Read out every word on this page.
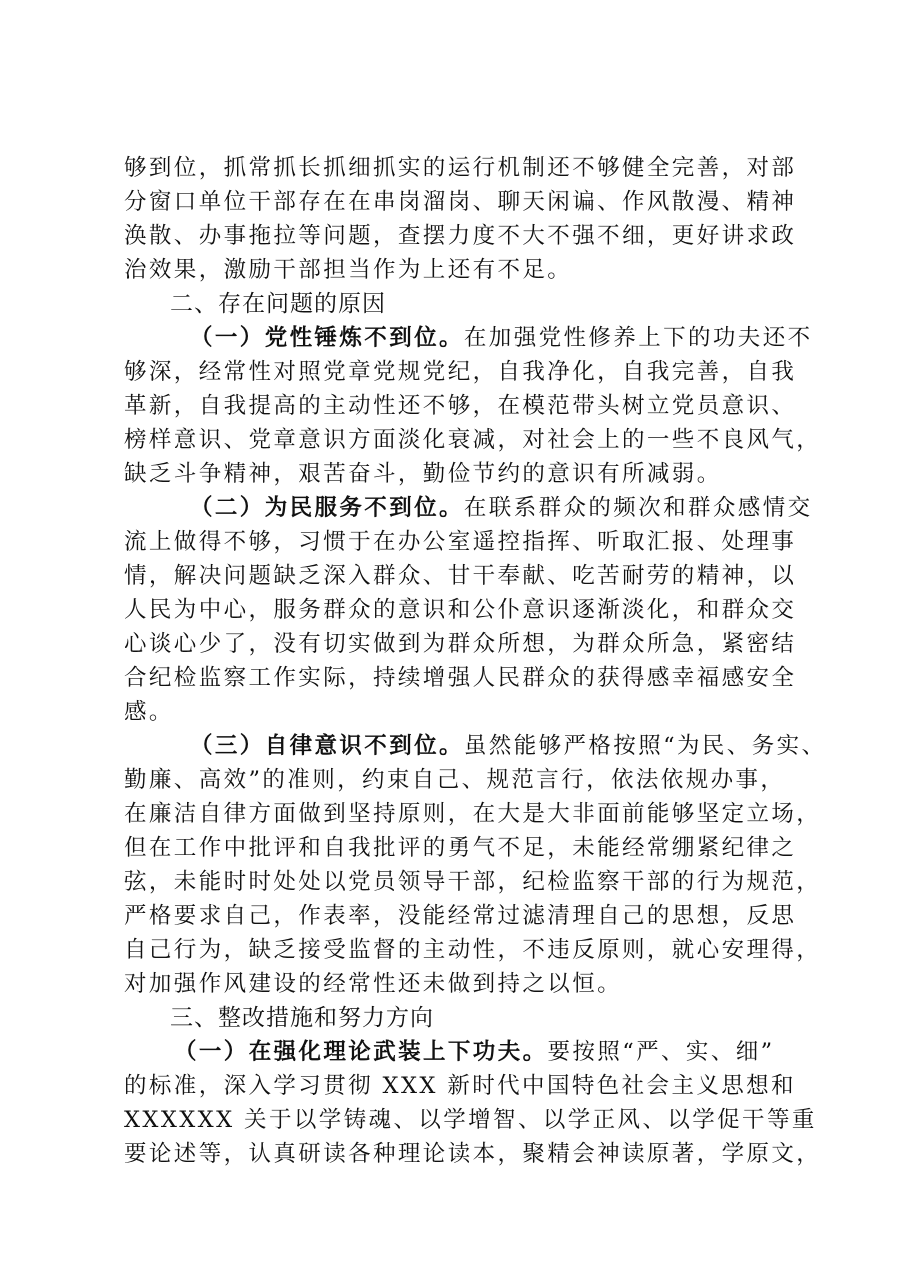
够到位，抓常抓长抓细抓实的运行机制还不够健全完善，对部
分窗口单位干部存在在串岗溜岗、聊天闲谝、作风散漫、精神
涣散、办事拖拉等问题，查摆力度不大不强不细，更好讲求政
治效果，激励干部担当作为上还有不足。
二、存在问题的原因
（一）党性锤炼不到位。在加强党性修养上下的功夫还不
够深，经常性对照党章党规党纪，自我净化，自我完善，自我
革新，自我提高的主动性还不够，在模范带头树立党员意识、
榜样意识、党章意识方面淡化衰减，对社会上的一些不良风气，
缺乏斗争精神，艰苦奋斗，勤俭节约的意识有所减弱。
（二）为民服务不到位。在联系群众的频次和群众感情交
流上做得不够，习惯于在办公室遥控指挥、听取汇报、处理事
情，解决问题缺乏深入群众、甘干奉献、吃苦耐劳的精神，以
人民为中心，服务群众的意识和公仆意识逐渐淡化，和群众交
心谈心少了，没有切实做到为群众所想，为群众所急，紧密结
合纪检监察工作实际，持续增强人民群众的获得感幸福感安全
感。
（三）自律意识不到位。虽然能够严格按照“为民、务实、
勤廉、高效”的准则，约束自己、规范言行，依法依规办事，
在廉洁自律方面做到坚持原则，在大是大非面前能够坚定立场，
但在工作中批评和自我批评的勇气不足，未能经常绷紧纪律之
弦，未能时时处处以党员领导干部，纪检监察干部的行为规范，
严格要求自己，作表率，没能经常过滤清理自己的思想，反思
自己行为，缺乏接受监督的主动性，不违反原则，就心安理得，
对加强作风建设的经常性还未做到持之以恒。
三、整改措施和努力方向
（一）在强化理论武装上下功夫。要按照“严、实、细”
的标准，深入学习贯彻 XXX 新时代中国特色社会主义思想和
XXXXXX 关于以学铸魂、以学增智、以学正风、以学促干等重
要论述等，认真研读各种理论读本，聚精会神读原著，学原文，
